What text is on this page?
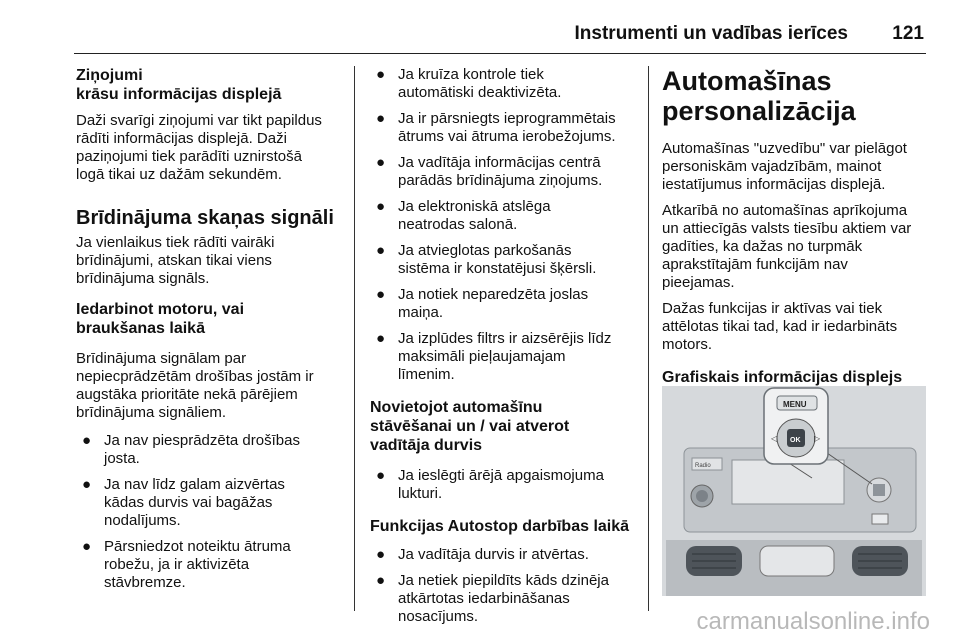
Instrumenti un vadības ierīces 121
Ziņojumi
krāsu informācijas displejā

Daži svarīgi ziņojumi var tikt papildus
rādīti informācijas displejā. Daži
paziņojumi tiek parādīti uznirstošā
logā tikai uz dažām sekundēm.

Brīdinājuma skaņas signāli

Ja vienlaikus tiek rādīti vairāki
brīdinājumi, atskan tikai viens
brīdinājuma signāls.

Iedarbinot motoru, vai
braukšanas laikā

Brīdinājuma signālam par
nepieсprādzētām drošības jostām ir
augstāka prioritāte nekā pārējiem
brīdinājuma signāliem.

● Ja nav piesprādzēta drošības
josta.
● Ja nav līdz galam aizvērtas
kādas durvis vai bagāžas
nodalījums.
● Pārsniedzot noteiktu ātruma
robežu, ja ir aktivizēta
stāvbremze.
● Ja kruīza kontrole tiek
automātiski deaktivizēta.
● Ja ir pārsniegts ieprogrammētais
ātrums vai ātruma ierobežojums.
● Ja vadītāja informācijas centrā
parādās brīdinājuma ziņojums.
● Ja elektroniskā atslēga
neatrodas salonā.
● Ja atvieglotas parkošanās
sistēma ir konstatējusi šķērsli.
● Ja notiek neparedzēta joslas
maiņa.
● Ja izplūdes filtrs ir aizsērējis līdz
maksimāli pieļaujamajam
līmenim.
Novietojot automašīnu
stāvēšanai un / vai atverot
vadītāja durvis
● Ja ieslēgti ārējā apgaismojuma
lukturi.
Funkcijas Autostop darbības laikā
● Ja vadītāja durvis ir atvērtas.
● Ja netiek piepildīts kāds dzinēja
atkārtotas iedarbināšanas
nosacījums.
Automašīnas
personalizācija

Automašīnas "uzvedību" var pielāgot
personiskām vajadzībām, mainot
iestatījumus informācijas displejā.

Atkarībā no automašīnas aprīkojuma
un attiecīgās valsts tiesību aktiem var
gadīties, ka dažas no turpmāk
aprakstītajām funkcijām nav
pieejamas.

Dažas funkcijas ir aktīvas vai tiek
attēlotas tikai tad, kad ir iedarbināts
motors.

Grafiskais informācijas displejs
Radio
MENU
OK
◁	▷
carmanualsonline.info
